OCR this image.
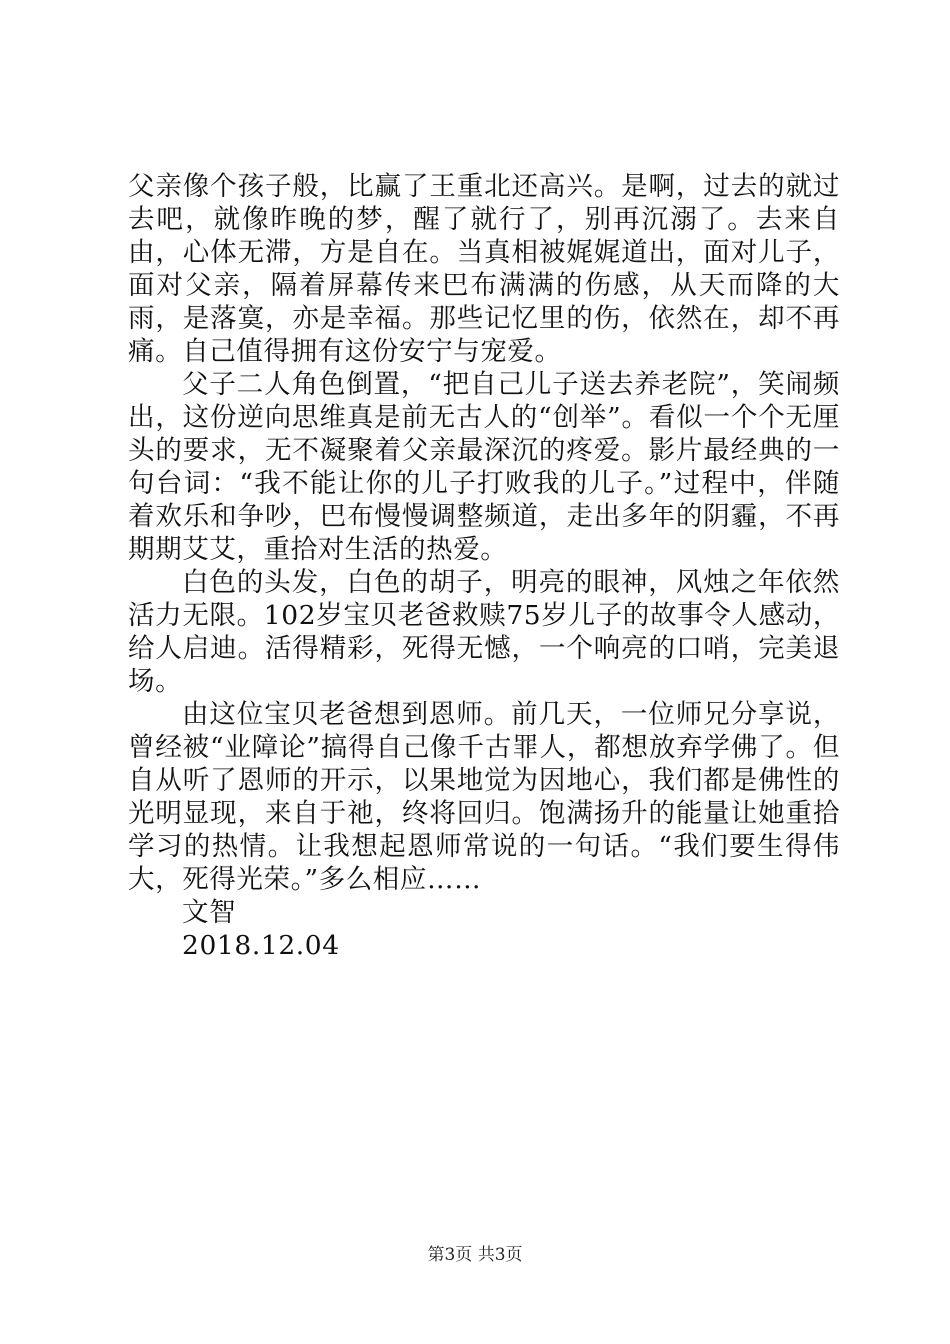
父亲像个孩子般，比赢了王重北还高兴。是啊，过去的就过去吧，就像昨晚的梦，醒了就行了，别再沉溺了。去来自由，心体无滞，方是自在。当真相被娓娓道出，面对儿子，面对父亲，隔着屏幕传来巴布满满的伤感，从天而降的大雨，是落寞，亦是幸福。那些记忆里的伤，依然在，却不再痛。自己值得拥有这份安宁与宠爱。

父子二人角色倒置，“把自己儿子送去养老院”，笑闹频出，这份逆向思维真是前无古人的“创举”。看似一个个无厘头的要求，无不凝聚着父亲最深沉的疼爱。影片最经典的一句台词：“我不能让你的儿子打败我的儿子。”过程中，伴随着欢乐和争吵，巴布慢慢调整频道，走出多年的阴霾，不再期期艾艾，重拾对生活的热爱。

白色的头发，白色的胡子，明亮的眼神，风烛之年依然活力无限。102岁宝贝老爸救赎75岁儿子的故事令人感动，给人启迪。活得精彩，死得无憾，一个响亮的口哨，完美退场。

由这位宝贝老爸想到恩师。前几天，一位师兄分享说，曾经被“业障论”搞得自己像千古罪人，都想放弃学佛了。但自从听了恩师的开示，以果地觉为因地心，我们都是佛性的光明显现，来自于祂，终将回归。饱满扬升的能量让她重拾学习的热情。让我想起恩师常说的一句话。“我们要生得伟大，死得光荣。”多么相应……

文智

2018.12.04

第3页 共3页
